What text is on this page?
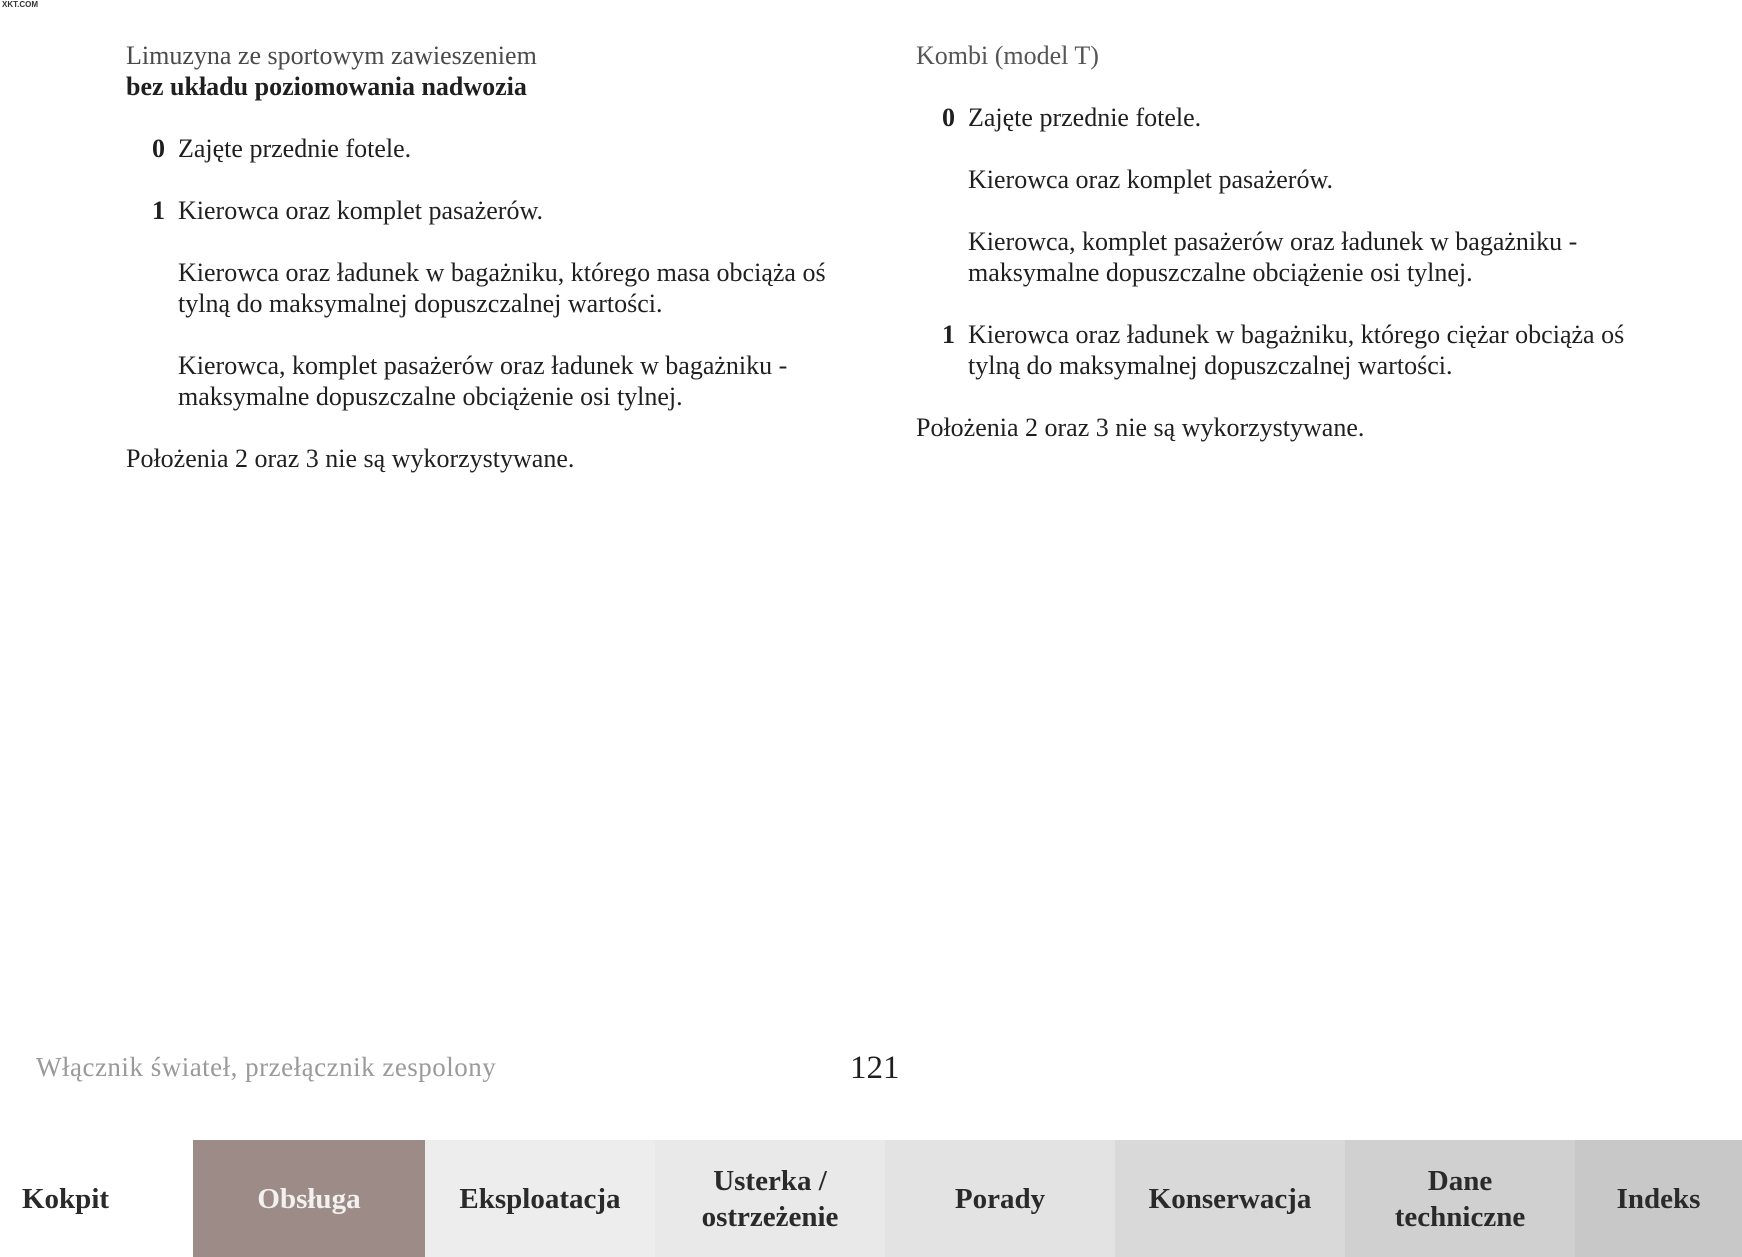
XKT.COM

Limuzyna ze sportowym zawieszeniem

bez układu poziomowania nadwozia

0 Zajęte przednie fotele.

1 Kierowca oraz komplet pasażerów.

Kierowca oraz ładunek w bagażniku, którego masa obciąża oś tylną do maksymalnej dopuszczalnej wartości.

Kierowca, komplet pasażerów oraz ładunek w bagażniku - maksymalne dopuszczalne obciążenie osi tylnej.

Położenia 2 oraz 3 nie są wykorzystywane.

Kombi (model T)

0 Zajęte przednie fotele.

Kierowca oraz komplet pasażerów.

Kierowca, komplet pasażerów oraz ładunek w bagażniku - maksymalne dopuszczalne obciążenie osi tylnej.

1 Kierowca oraz ładunek w bagażniku, którego ciężar obciąża oś tylną do maksymalnej dopuszczalnej wartości.

Położenia 2 oraz 3 nie są wykorzystywane.

Włącznik świateł, przełącznik zespolony	121
Kokpit	Obsługa	Eksploatacja
Usterka /
ostrzeżenie
Porady	Konserwacja
Dane
techniczne
Indeks
